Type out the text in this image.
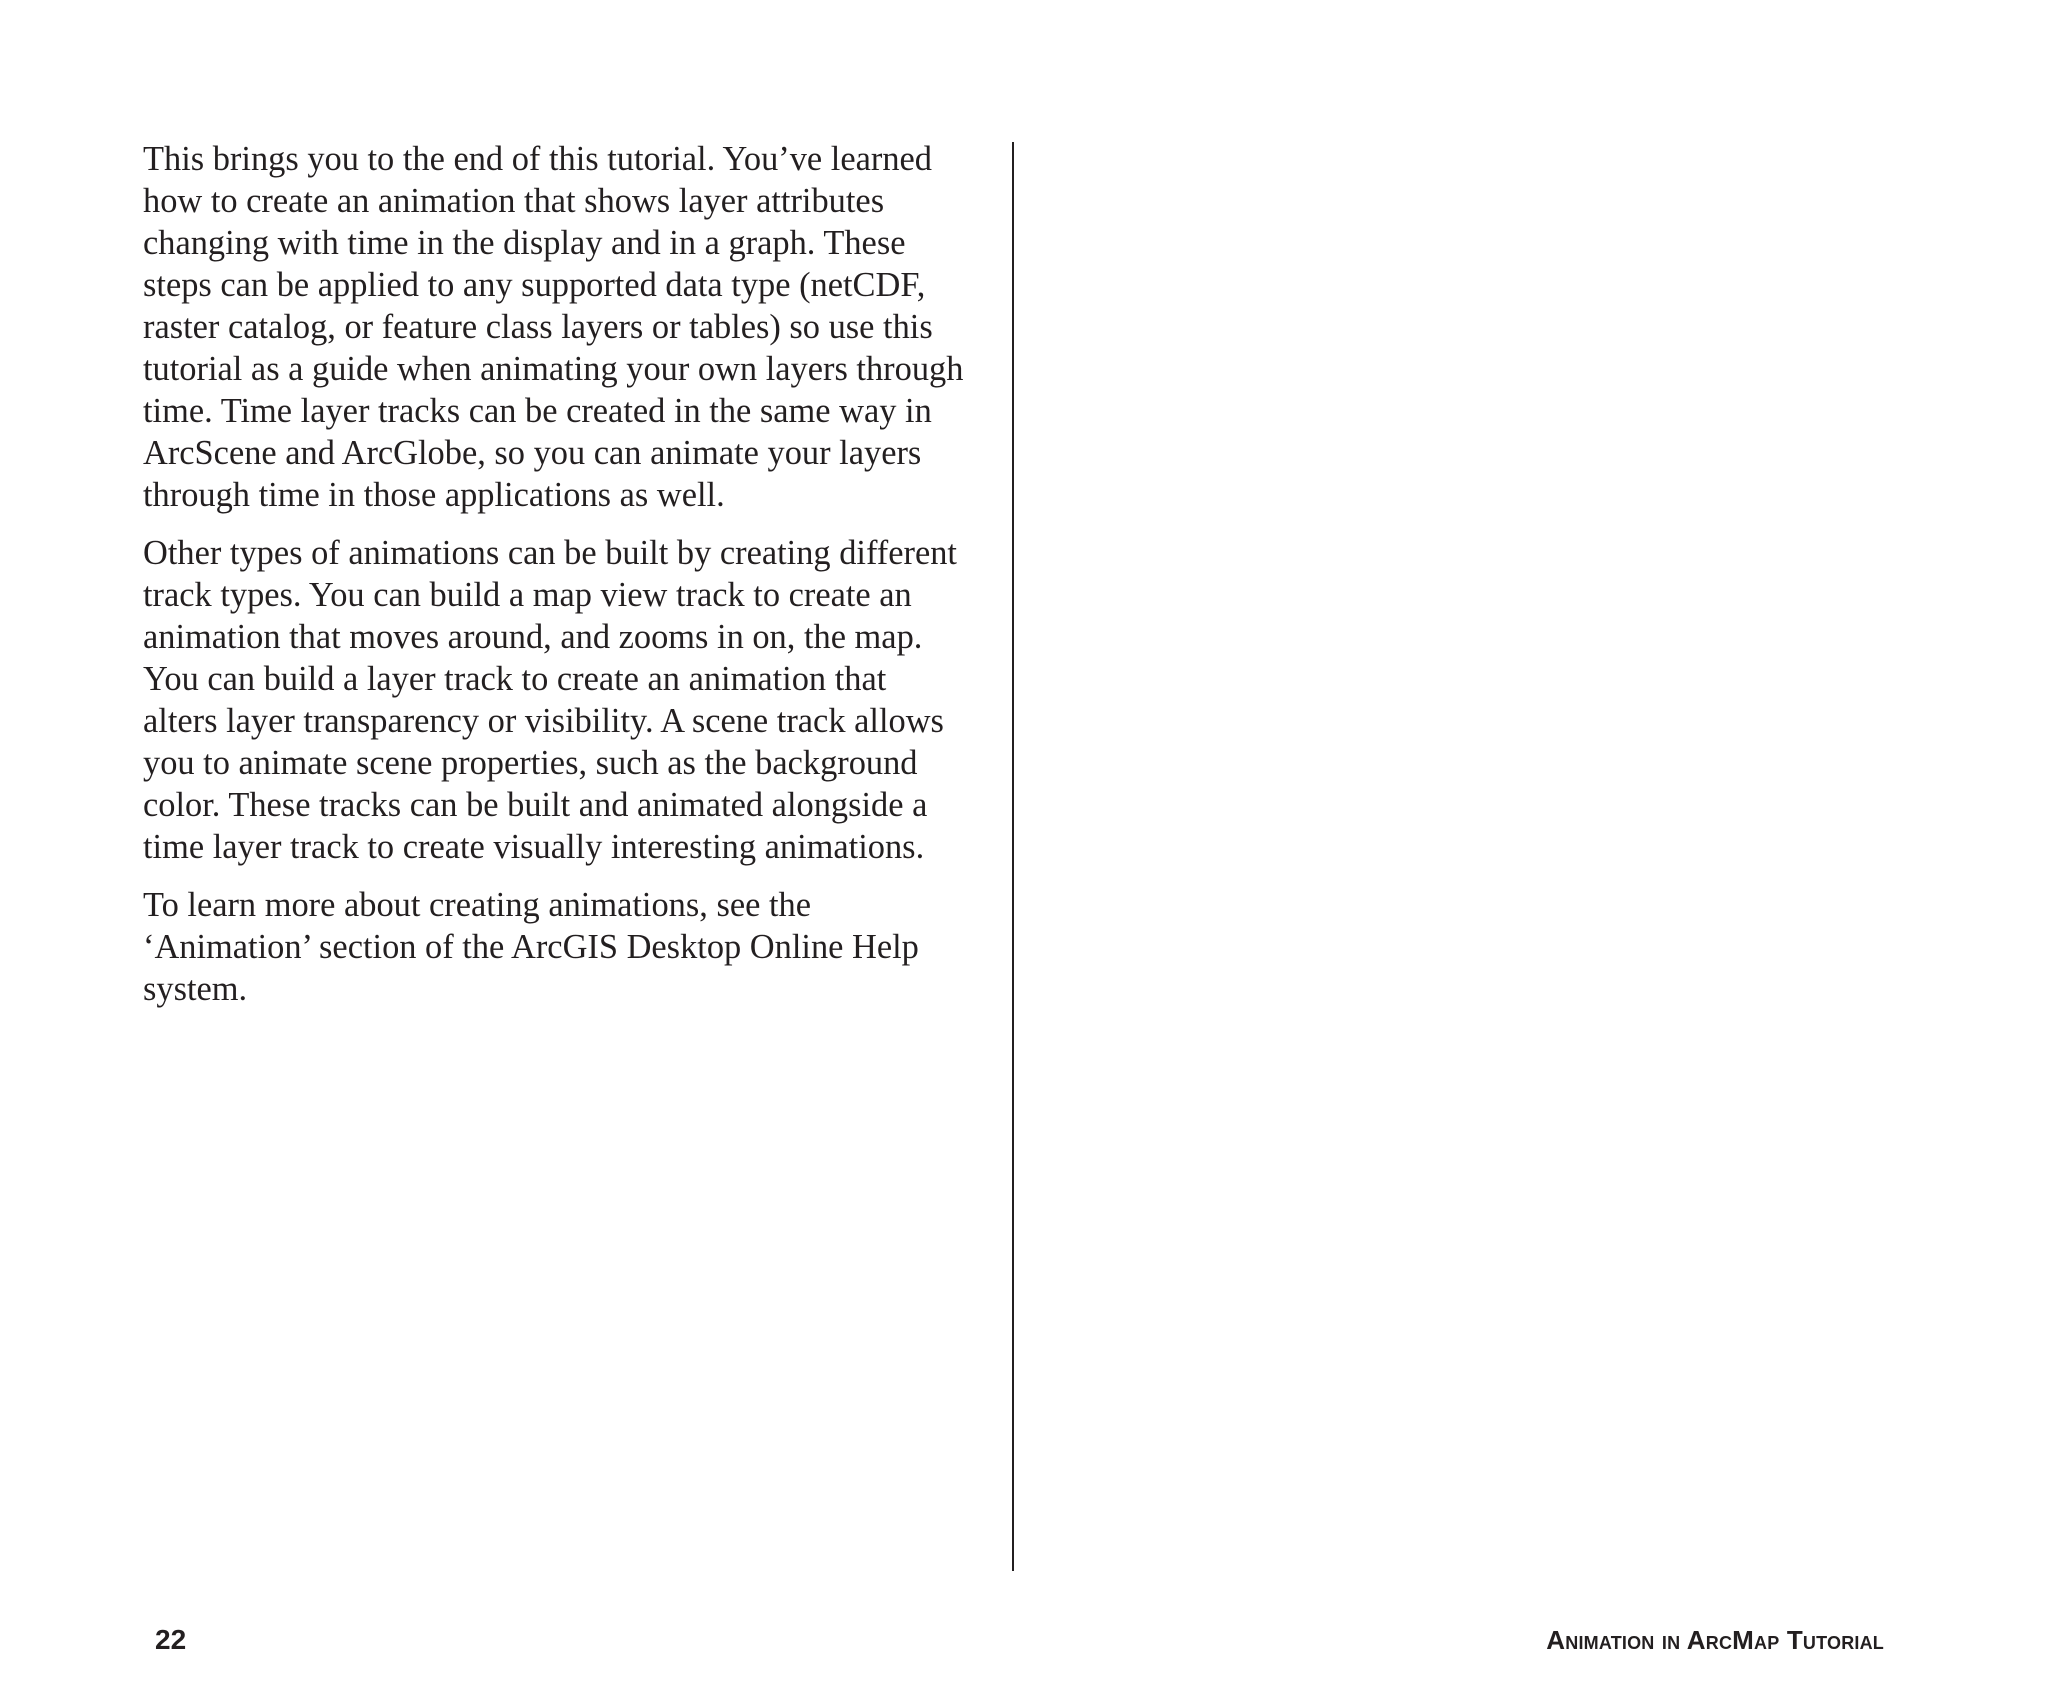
This brings you to the end of this tutorial. You’ve learned
how to create an animation that shows layer attributes
changing with time in the display and in a graph. These
steps can be applied to any supported data type (netCDF,
raster catalog, or feature class layers or tables) so use this
tutorial as a guide when animating your own layers through
time. Time layer tracks can be created in the same way in
ArcScene and ArcGlobe, so you can animate your layers
through time in those applications as well.

Other types of animations can be built by creating different
track types. You can build a map view track to create an
animation that moves around, and zooms in on, the map.
You can build a layer track to create an animation that
alters layer transparency or visibility. A scene track allows
you to animate scene properties, such as the background
color. These tracks can be built and animated alongside a
time layer track to create visually interesting animations.

To learn more about creating animations, see the
‘Animation’ section of the ArcGIS Desktop Online Help
system.

22	Animation in ArcMap Tutorial
